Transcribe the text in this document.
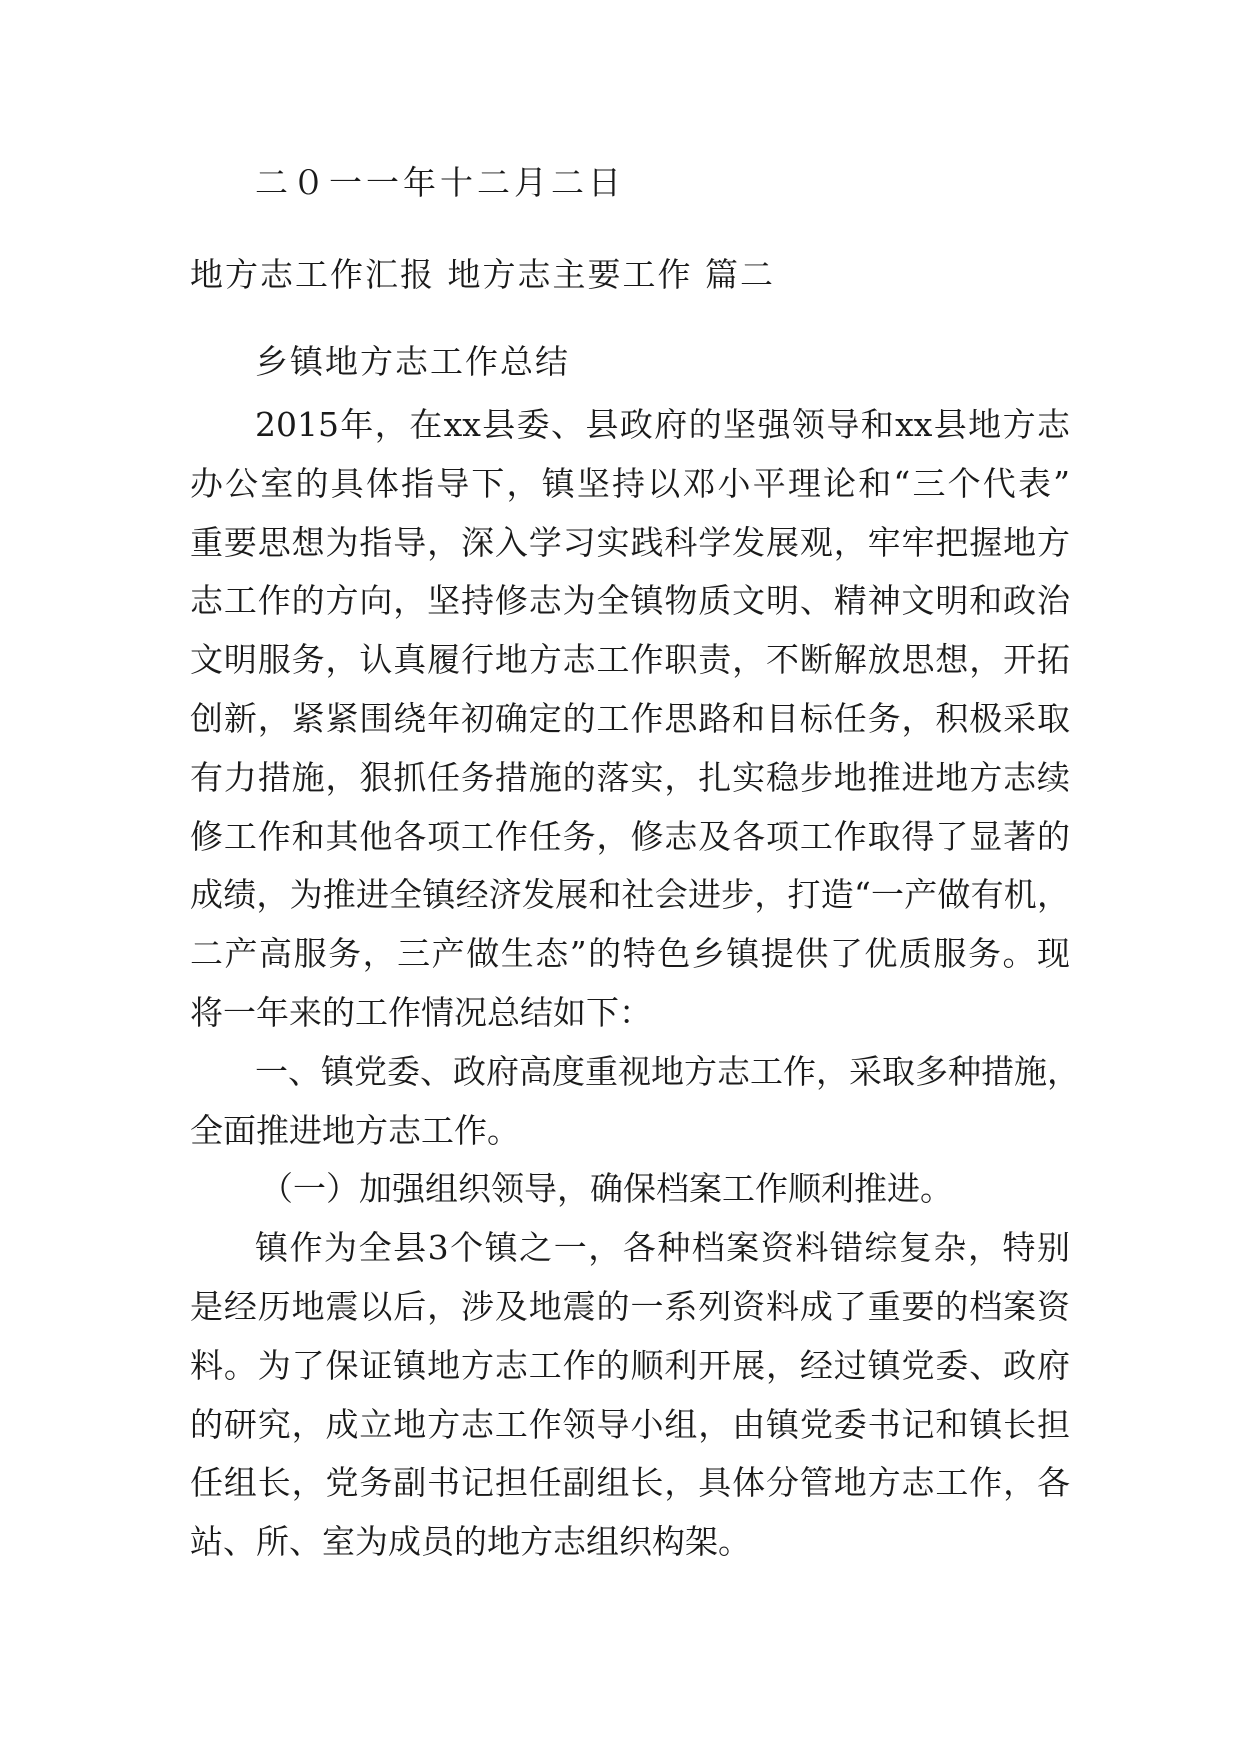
二０一一年十二月二日
地方志工作汇报 地方志主要工作 篇二
乡镇地方志工作总结
2015年，在xx县委、县政府的坚强领导和xx县地方志
办公室的具体指导下，镇坚持以邓小平理论和“三个代表”
重要思想为指导，深入学习实践科学发展观，牢牢把握地方
志工作的方向，坚持修志为全镇物质文明、精神文明和政治
文明服务，认真履行地方志工作职责，不断解放思想，开拓
创新，紧紧围绕年初确定的工作思路和目标任务，积极采取
有力措施，狠抓任务措施的落实，扎实稳步地推进地方志续
修工作和其他各项工作任务，修志及各项工作取得了显著的
成绩，为推进全镇经济发展和社会进步，打造“一产做有机，
二产高服务，三产做生态”的特色乡镇提供了优质服务。现
将一年来的工作情况总结如下：
一、镇党委、政府高度重视地方志工作，采取多种措施，
全面推进地方志工作。
（一）加强组织领导，确保档案工作顺利推进。
镇作为全县3个镇之一，各种档案资料错综复杂，特别
是经历地震以后，涉及地震的一系列资料成了重要的档案资
料。为了保证镇地方志工作的顺利开展，经过镇党委、政府
的研究，成立地方志工作领导小组，由镇党委书记和镇长担
任组长，党务副书记担任副组长，具体分管地方志工作，各
站、所、室为成员的地方志组织构架。
